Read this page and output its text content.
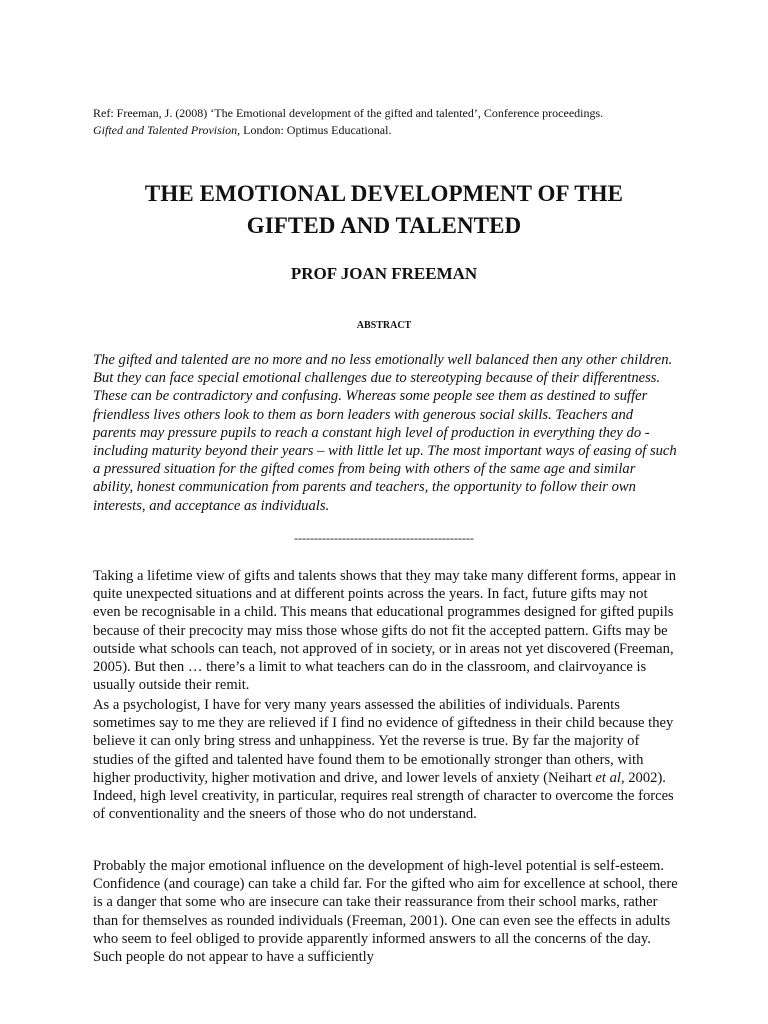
Ref: Freeman, J. (2008) ‘The Emotional development of the gifted and talented’, Conference proceedings.
Gifted and Talented Provision, London: Optimus Educational.
THE EMOTIONAL DEVELOPMENT OF THE
GIFTED AND TALENTED
PROF JOAN FREEMAN
ABSTRACT
The gifted and talented are no more and no less emotionally well balanced then any other children. But they can face special emotional challenges due to stereotyping because of their differentness. These can be contradictory and confusing. Whereas some people see them as destined to suffer friendless lives others look to them as born leaders with generous social skills. Teachers and parents may pressure pupils to reach a constant high level of production in everything they do - including maturity beyond their years – with little let up. The most important ways of easing of such a pressured situation for the gifted comes from being with others of the same age and similar ability, honest communication from parents and teachers, the opportunity to follow their own interests, and acceptance as individuals.
---------------------------------------------
Taking a lifetime view of gifts and talents shows that they may take many different forms, appear in quite unexpected situations and at different points across the years. In fact, future gifts may not even be recognisable in a child. This means that educational programmes designed for gifted pupils because of their precocity may miss those whose gifts do not fit the accepted pattern. Gifts may be outside what schools can teach, not approved of in society, or in areas not yet discovered (Freeman, 2005). But then … there’s a limit to what teachers can do in the classroom, and clairvoyance is usually outside their remit.
As a psychologist, I have for very many years assessed the abilities of individuals. Parents sometimes say to me they are relieved if I find no evidence of giftedness in their child because they believe it can only bring stress and unhappiness. Yet the reverse is true. By far the majority of studies of the gifted and talented have found them to be emotionally stronger than others, with higher productivity, higher motivation and drive, and lower levels of anxiety (Neihart et al, 2002). Indeed, high level creativity, in particular, requires real strength of character to overcome the forces of conventionality and the sneers of those who do not understand.
Probably the major emotional influence on the development of high-level potential is self-esteem. Confidence (and courage) can take a child far. For the gifted who aim for excellence at school, there is a danger that some who are insecure can take their reassurance from their school marks, rather than for themselves as rounded individuals (Freeman, 2001). One can even see the effects in adults who seem to feel obliged to provide apparently informed answers to all the concerns of the day. Such people do not appear to have a sufficiently
